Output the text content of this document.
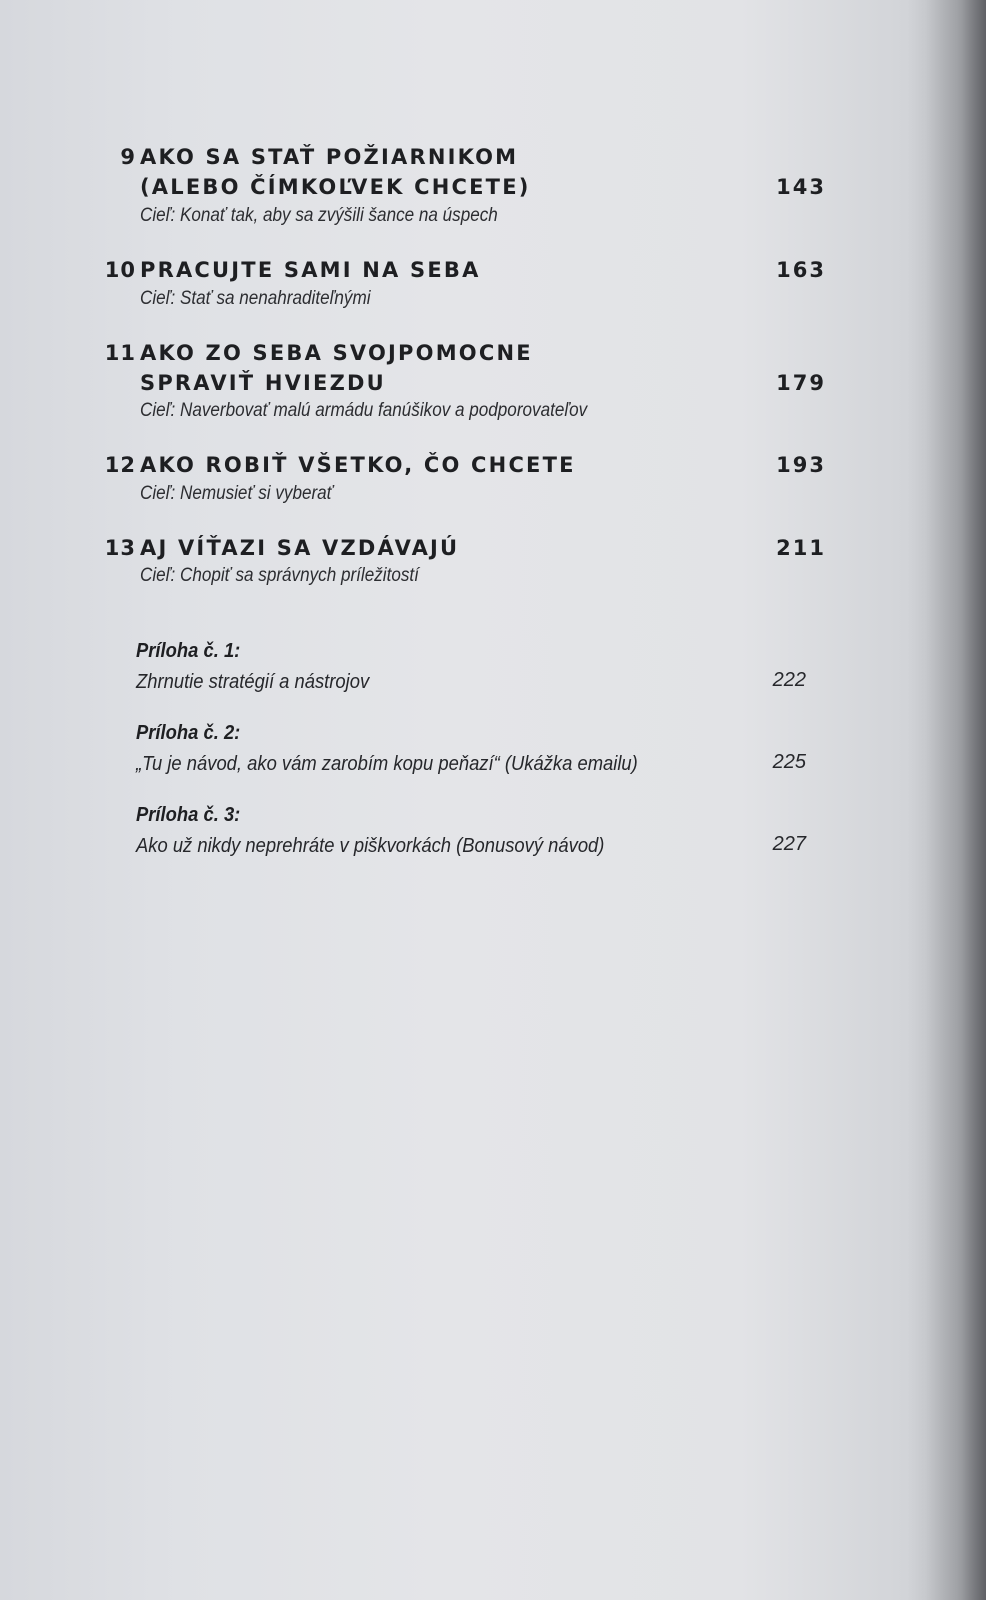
9 AKO SA STAŤ POŽIARNIKOM
(ALEBO ČÍMKOĽVEK CHCETE)	143
Cieľ: Konať tak, aby sa zvýšili šance na úspech
10 PRACUJTE SAMI NA SEBA	163
Cieľ: Stať sa nenahraditeľnými
11 AKO ZO SEBA SVOJPOMOCNE
SPRAVIŤ HVIEZDU	179
Cieľ: Naverbovať malú armádu fanúšikov a podporovateľov
12 AKO ROBIŤ VŠETKO, ČO CHCETE	193
Cieľ: Nemusieť si vyberať
13 AJ VÍŤAZI SA VZDÁVAJÚ	211
Cieľ: Chopiť sa správnych príležitostí
Príloha č. 1:
Zhrnutie stratégií a nástrojov	222
Príloha č. 2:
„Tu je návod, ako vám zarobím kopu peňazí“ (Ukážka emailu)	225
Príloha č. 3:
Ako už nikdy neprehráte v piškvorkách (Bonusový návod)	227
